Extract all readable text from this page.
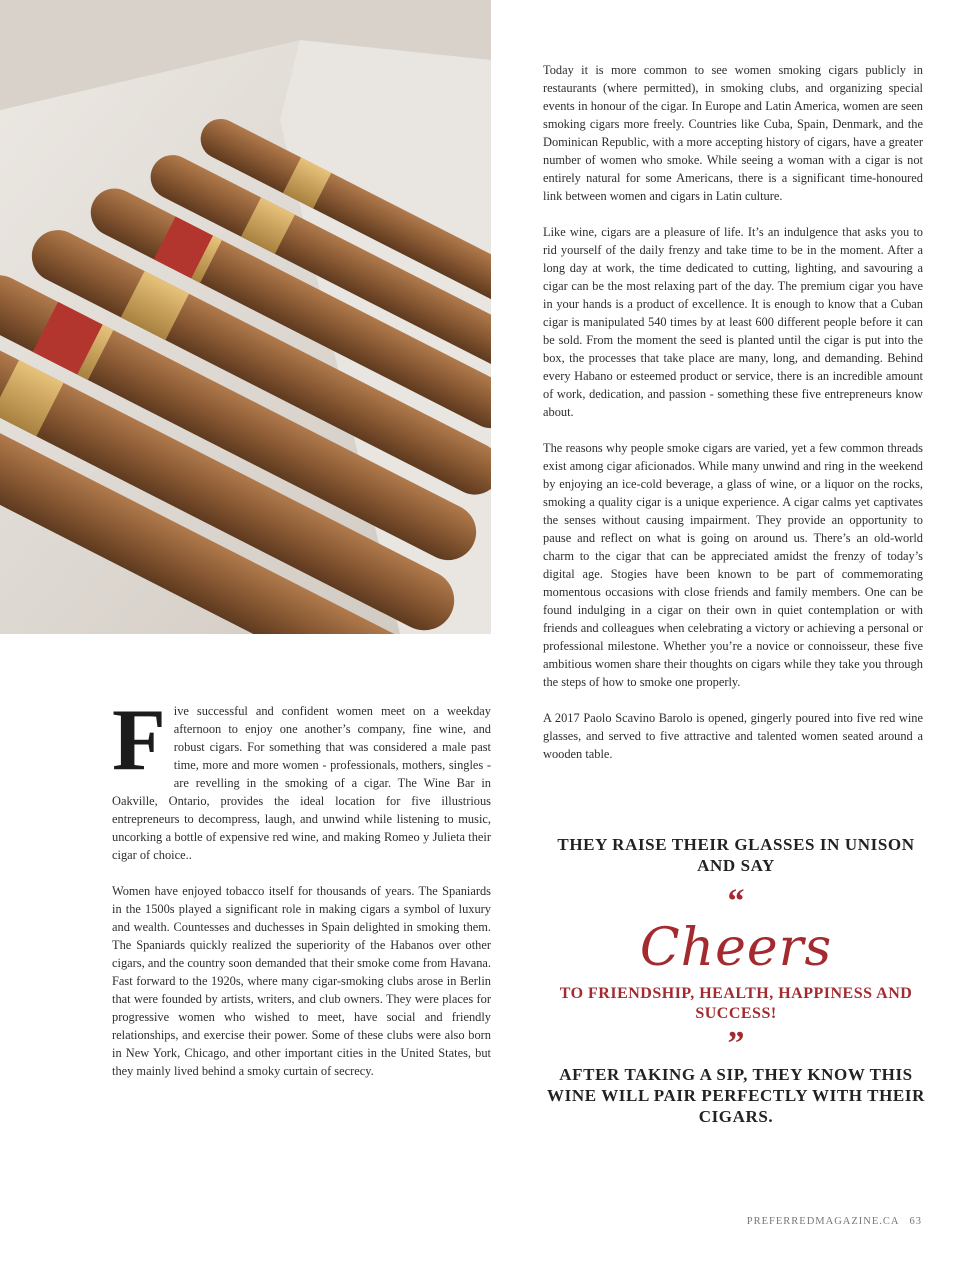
Today it is more common to see women smoking cigars publicly in restaurants (where permitted), in smoking clubs, and organizing special events in honour of the cigar. In Europe and Latin America, women are seen smoking cigars more freely. Countries like Cuba, Spain, Denmark, and the Dominican Republic, with a more accepting history of cigars, have a greater number of women who smoke. While seeing a woman with a cigar is not entirely natural for some Americans, there is a significant time-honoured link between women and cigars in Latin culture.

Like wine, cigars are a pleasure of life. It’s an indulgence that asks you to rid yourself of the daily frenzy and take time to be in the moment. After a long day at work, the time dedicated to cutting, lighting, and savouring a cigar can be the most relaxing part of the day. The premium cigar you have in your hands is a product of excellence. It is enough to know that a Cuban cigar is manipulated 540 times by at least 600 different people before it can be sold. From the moment the seed is planted until the cigar is put into the box, the processes that take place are many, long, and demanding. Behind every Habano or esteemed product or service, there is an incredible amount of work, dedication, and passion - something these five entrepreneurs know about.

The reasons why people smoke cigars are varied, yet a few common threads exist among cigar aficionados. While many unwind and ring in the weekend by enjoying an ice-cold beverage, a glass of wine, or a liquor on the rocks, smoking a quality cigar is a unique experience. A cigar calms yet captivates the senses without causing impairment. They provide an opportunity to pause and reflect on what is going on around us. There’s an old-world charm to the cigar that can be appreciated amidst the frenzy of today’s digital age. Stogies have been known to be part of commemorating momentous occasions with close friends and family members. One can be found indulging in a cigar on their own in quiet contemplation or with friends and colleagues when celebrating a victory or achieving a personal or professional milestone. Whether you’re a novice or connoisseur, these five ambitious women share their thoughts on cigars while they take you through the steps of how to smoke one properly.

A 2017 Paolo Scavino Barolo is opened, gingerly poured into five red wine glasses, and served to five attractive and talented women seated around a wooden table.

Five successful and confident women meet on a weekday afternoon to enjoy one another’s company, fine wine, and robust cigars. For something that was considered a male past time, more and more women - professionals, mothers, singles - are revelling in the smoking of a cigar. The Wine Bar in Oakville, Ontario, provides the ideal location for five illustrious entrepreneurs to decompress, laugh, and unwind while listening to music, uncorking a bottle of expensive red wine, and making Romeo y Julieta their cigar of choice..

Women have enjoyed tobacco itself for thousands of years. The Spaniards in the 1500s played a significant role in making cigars a symbol of luxury and wealth. Countesses and duchesses in Spain delighted in smoking them. The Spaniards quickly realized the superiority of the Habanos over other cigars, and the country soon demanded that their smoke come from Havana. Fast forward to the 1920s, where many cigar-smoking clubs arose in Berlin that were founded by artists, writers, and club owners. They were places for progressive women who wished to meet, have social and friendly relationships, and exercise their power. Some of these clubs were also born in New York, Chicago, and other important cities in the United States, but they mainly lived behind a smoky curtain of secrecy.

THEY RAISE THEIR GLASSES IN UNISON AND SAY
“
Cheers
TO FRIENDSHIP, HEALTH, HAPPINESS AND SUCCESS!
”
AFTER TAKING A SIP, THEY KNOW THIS WINE WILL PAIR PERFECTLY WITH THEIR CIGARS.
PREFERREDMAGAZINE.CA 63
